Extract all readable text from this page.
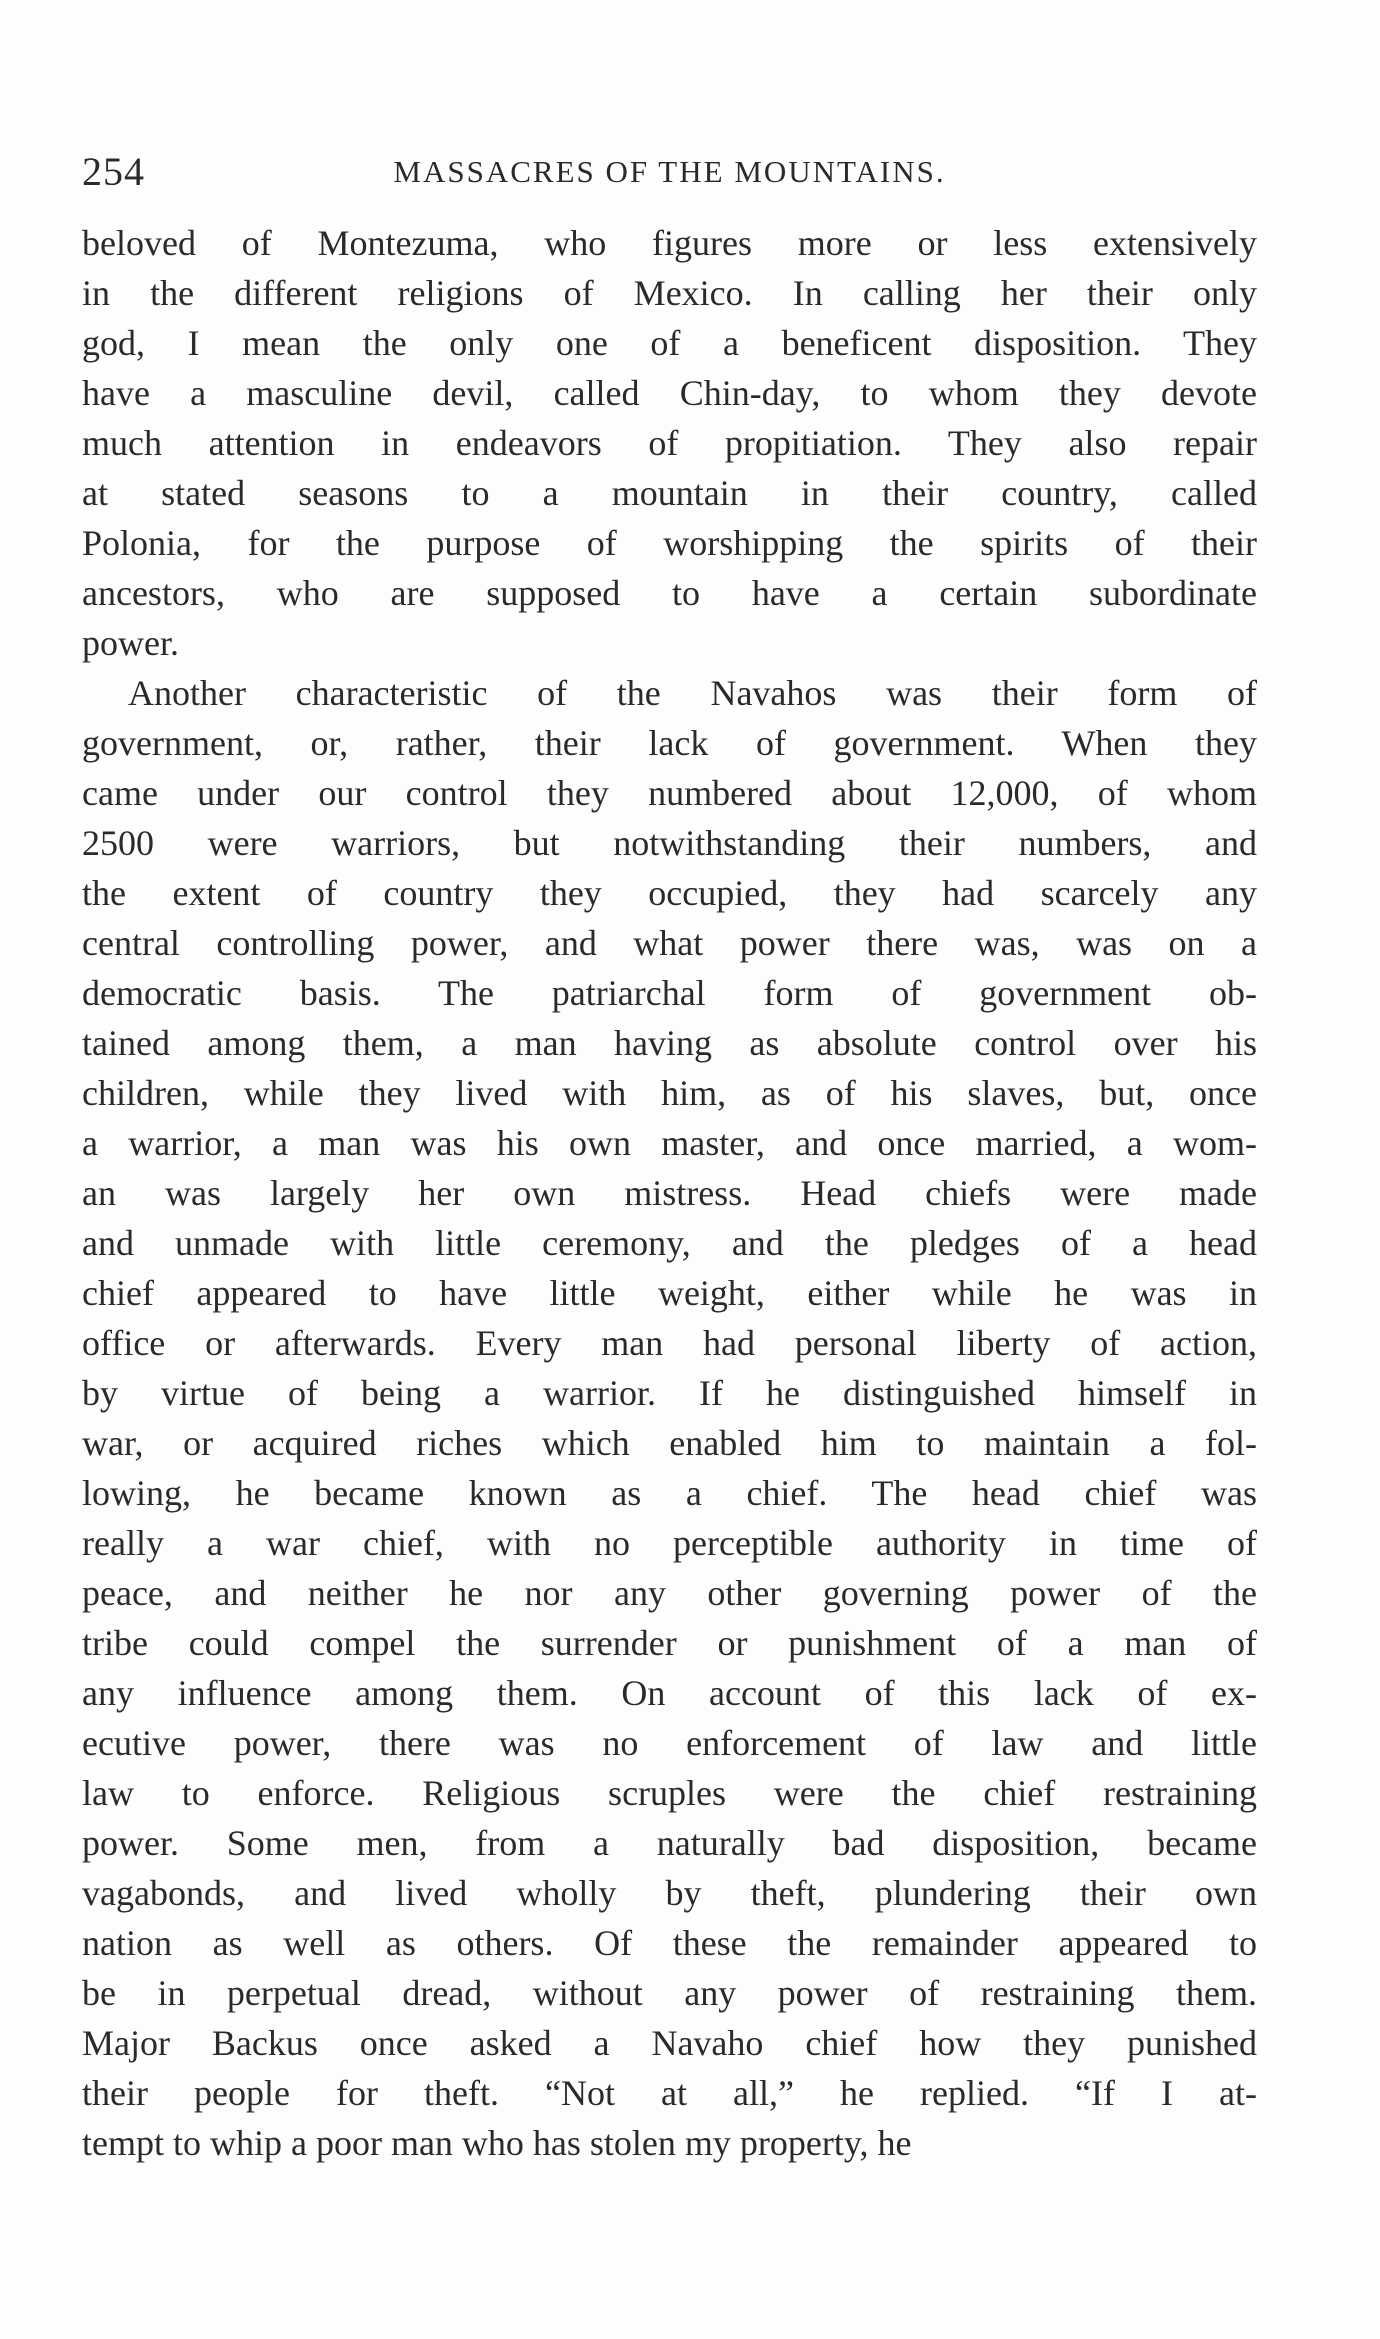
254	MASSACRES OF THE MOUNTAINS.
beloved of Montezuma, who figures more or less extensively
in the different religions of Mexico. In calling her their only
god, I mean the only one of a beneficent disposition. They
have a masculine devil, called Chin-day, to whom they devote
much attention in endeavors of propitiation. They also repair
at stated seasons to a mountain in their country, called
Polonia, for the purpose of worshipping the spirits of their
ancestors, who are supposed to have a certain subordinate
power.
Another characteristic of the Navahos was their form of
government, or, rather, their lack of government. When they
came under our control they numbered about 12,000, of whom
2500 were warriors, but notwithstanding their numbers, and
the extent of country they occupied, they had scarcely any
central controlling power, and what power there was, was on a
democratic basis. The patriarchal form of government ob-
tained among them, a man having as absolute control over his
children, while they lived with him, as of his slaves, but, once
a warrior, a man was his own master, and once married, a wom-
an was largely her own mistress. Head chiefs were made
and unmade with little ceremony, and the pledges of a head
chief appeared to have little weight, either while he was in
office or afterwards. Every man had personal liberty of action,
by virtue of being a warrior. If he distinguished himself in
war, or acquired riches which enabled him to maintain a fol-
lowing, he became known as a chief. The head chief was
really a war chief, with no perceptible authority in time of
peace, and neither he nor any other governing power of the
tribe could compel the surrender or punishment of a man of
any influence among them. On account of this lack of ex-
ecutive power, there was no enforcement of law and little
law to enforce. Religious scruples were the chief restraining
power. Some men, from a naturally bad disposition, became
vagabonds, and lived wholly by theft, plundering their own
nation as well as others. Of these the remainder appeared to
be in perpetual dread, without any power of restraining them.
Major Backus once asked a Navaho chief how they punished
their people for theft. “Not at all,” he replied. “If I at-
tempt to whip a poor man who has stolen my property, he
